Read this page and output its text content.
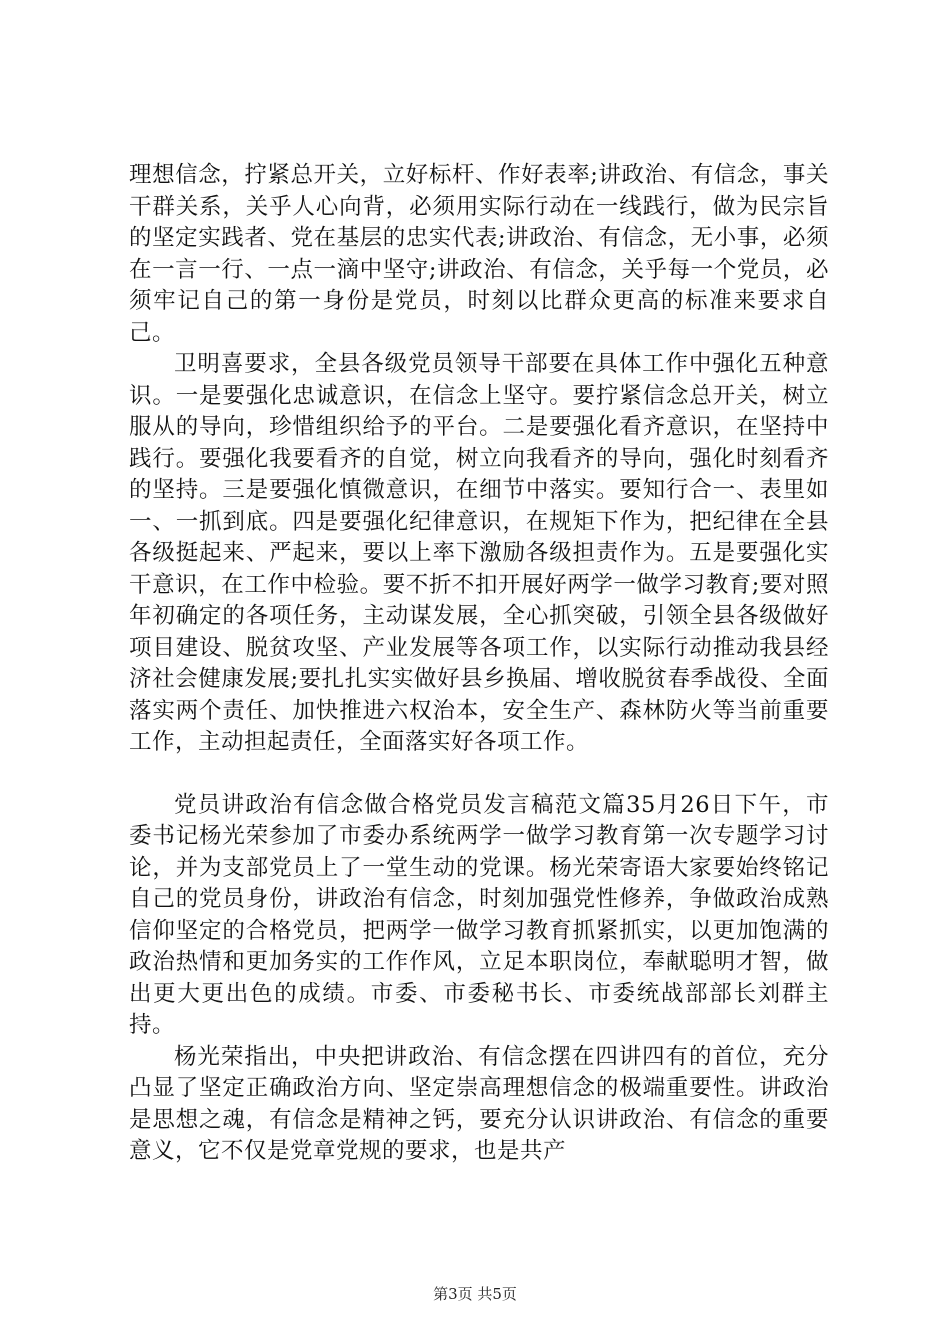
理想信念，拧紧总开关，立好标杆、作好表率;讲政治、有信念，事关干群关系，关乎人心向背，必须用实际行动在一线践行，做为民宗旨的坚定实践者、党在基层的忠实代表;讲政治、有信念，无小事，必须在一言一行、一点一滴中坚守;讲政治、有信念，关乎每一个党员，必须牢记自己的第一身份是党员，时刻以比群众更高的标准来要求自己。

卫明喜要求，全县各级党员领导干部要在具体工作中强化五种意识。一是要强化忠诚意识，在信念上坚守。要拧紧信念总开关，树立服从的导向，珍惜组织给予的平台。二是要强化看齐意识，在坚持中践行。要强化我要看齐的自觉，树立向我看齐的导向，强化时刻看齐的坚持。三是要强化慎微意识，在细节中落实。要知行合一、表里如一、一抓到底。四是要强化纪律意识，在规矩下作为，把纪律在全县各级挺起来、严起来，要以上率下激励各级担责作为。五是要强化实干意识，在工作中检验。要不折不扣开展好两学一做学习教育;要对照年初确定的各项任务，主动谋发展，全心抓突破，引领全县各级做好项目建设、脱贫攻坚、产业发展等各项工作，以实际行动推动我县经济社会健康发展;要扎扎实实做好县乡换届、增收脱贫春季战役、全面落实两个责任、加快推进六权治本，安全生产、森林防火等当前重要工作，主动担起责任，全面落实好各项工作。

党员讲政治有信念做合格党员发言稿范文篇35月26日下午，市委书记杨光荣参加了市委办系统两学一做学习教育第一次专题学习讨论，并为支部党员上了一堂生动的党课。杨光荣寄语大家要始终铭记自己的党员身份，讲政治有信念，时刻加强党性修养，争做政治成熟信仰坚定的合格党员，把两学一做学习教育抓紧抓实，以更加饱满的政治热情和更加务实的工作作风，立足本职岗位，奉献聪明才智，做出更大更出色的成绩。市委、市委秘书长、市委统战部部长刘群主持。

杨光荣指出，中央把讲政治、有信念摆在四讲四有的首位，充分凸显了坚定正确政治方向、坚定崇高理想信念的极端重要性。讲政治是思想之魂，有信念是精神之钙，要充分认识讲政治、有信念的重要意义，它不仅是党章党规的要求，也是共产

第3页 共5页
